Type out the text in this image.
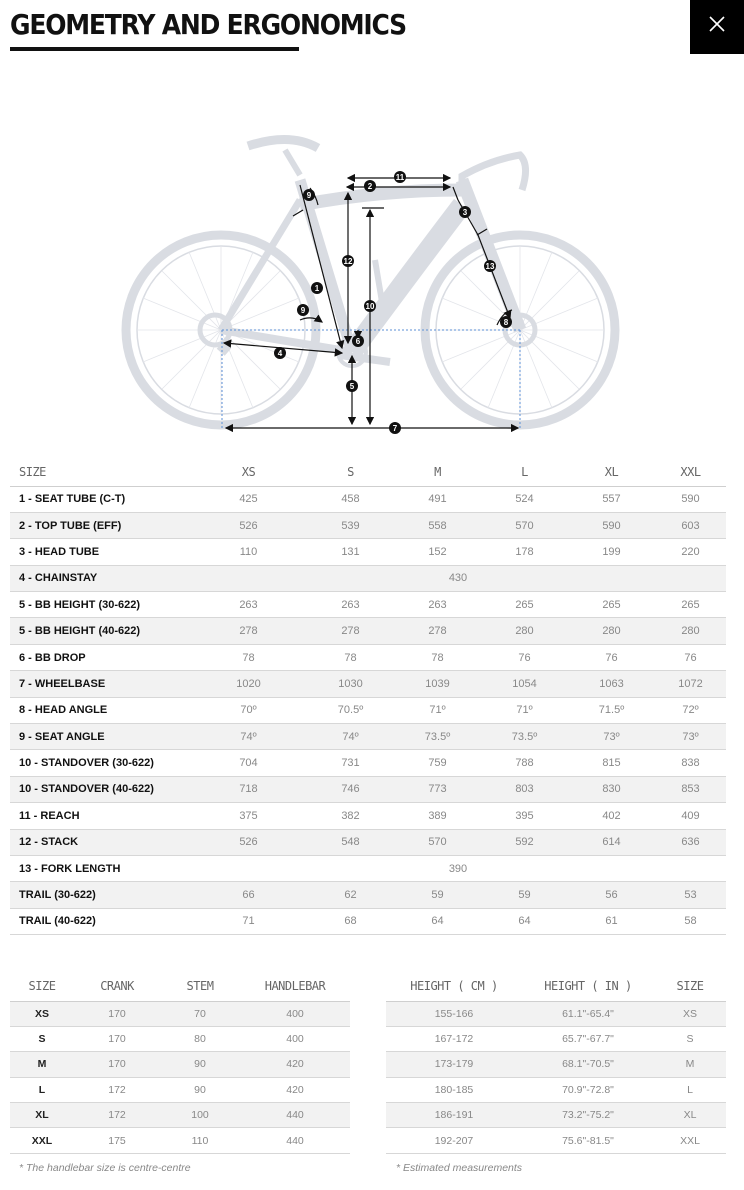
GEOMETRY AND ERGONOMICS
1
2
3
4
5
6
7
8
9
9	10
11
12
13
SIZE	XS	S	M	L	XL	XXL
1 - SEAT TUBE (C-T)	425	458	491	524	557	590
2 - TOP TUBE (EFF)	526	539	558	570	590	603
3 - HEAD TUBE	110	131	152	178	199	220
4 - CHAINSTAY	430					
5 - BB HEIGHT (30-622)	263	263	263	265	265	265
5 - BB HEIGHT (40-622)	278	278	278	280	280	280
6 - BB DROP	78	78	78	76	76	76
7 - WHEELBASE	1020	1030	1039	1054	1063	1072
8 - HEAD ANGLE	70º	70.5º	71º	71º	71.5º	72º
9 - SEAT ANGLE	74º	74º	73.5º	73.5º	73º	73º
10 - STANDOVER (30-622)	704	731	759	788	815	838
10 - STANDOVER (40-622)	718	746	773	803	830	853
11 - REACH	375	382	389	395	402	409
12 - STACK	526	548	570	592	614	636
13 - FORK LENGTH	390					
TRAIL (30-622)	66	62	59	59	56	53
TRAIL (40-622)	71	68	64	64	61	58
SIZE	CRANK	STEM	HANDLEBAR
XS	170	70	400
S	170	80	400
M	170	90	420
L	172	90	420
XL	172	100	440
XXL	175	110	440
* The handlebar size is centre-centre
HEIGHT ( CM )	HEIGHT ( IN )	SIZE
155-166	61.1"-65.4"	XS
167-172	65.7"-67.7"	S
173-179	68.1"-70.5"	M
180-185	70.9"-72.8"	L
186-191	73.2"-75.2"	XL
192-207	75.6"-81.5"	XXL
* Estimated measurements
